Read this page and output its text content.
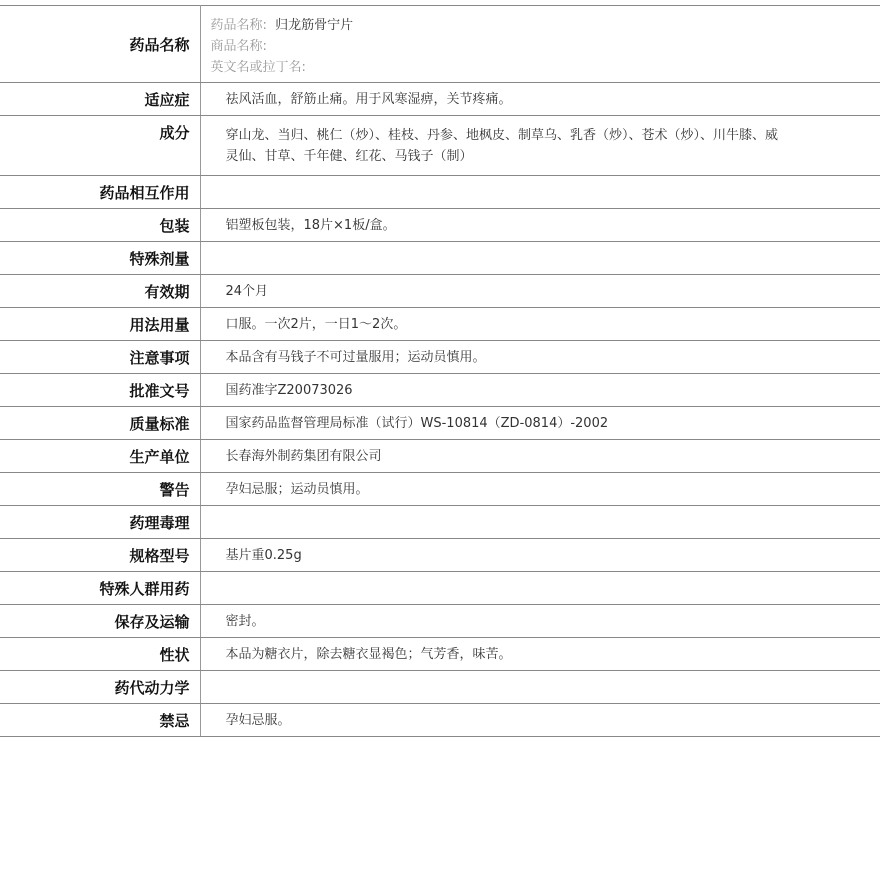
药品名称	药品名称: 归龙筋骨宁片
商品名称:
英文名或拉丁名:

适应症	祛风活血，舒筋止痛。用于风寒湿痹，关节疼痛。
成分	穿山龙、当归、桃仁（炒）、桂枝、丹参、地枫皮、制草乌、乳香（炒）、苍术（炒）、川牛膝、威灵仙、甘草、千年健、红花、马钱子（制）
药品相互作用	
包装	铝塑板包装，18片×1板/盒。
特殊剂量	
有效期	24个月
用法用量	口服。一次2片，一日1～2次。
注意事项	本品含有马钱子不可过量服用；运动员慎用。
批准文号	国药准字Z20073026
质量标准	国家药品监督管理局标准（试行）WS-10814（ZD-0814）-2002
生产单位	长春海外制药集团有限公司
警告	孕妇忌服；运动员慎用。
药理毒理	
规格型号	基片重0.25g
特殊人群用药	
保存及运输	密封。
性状	本品为糖衣片，除去糖衣显褐色；气芳香，味苦。
药代动力学	
禁忌	孕妇忌服。
